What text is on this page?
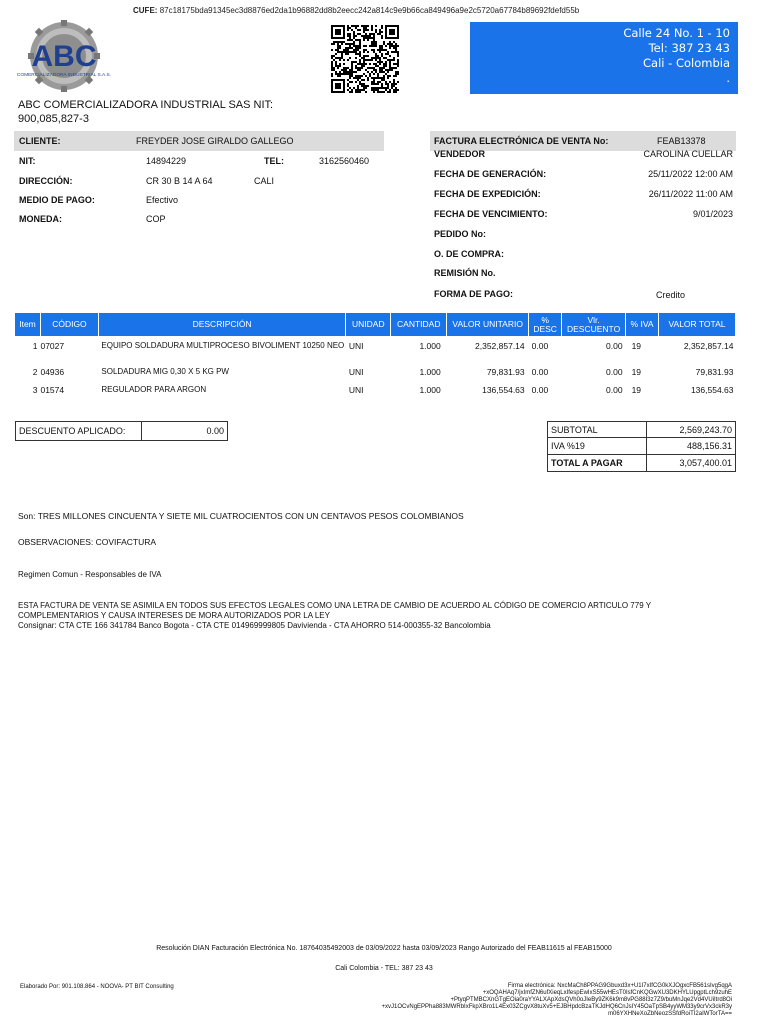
CUFE: 87c18175bda91345ec3d8876ed2da1b96882dd8b2eecc242a814c9e9b66ca849496a9e2c5720a67784b89692fdefd55b
ABC
COMERCIALIZADORA INDUSTRIAL S.A.S.
Calle 24 No. 1 - 10
Tel: 387 23 43
Cali - Colombia
.
ABC COMERCIALIZADORA INDUSTRIAL SAS NIT:
900,085,827-3
CLIENTE:	FREYDER JOSE GIRALDO GALLEGO
NIT:	14894229	TEL:	3162560460
DIRECCIÓN:	CR 30 B 14 A 64	CALI
MEDIO DE PAGO:	Efectivo
MONEDA:	COP
FACTURA ELECTRÓNICA DE VENTA No:	FEAB13378
VENDEDOR	CAROLINA CUELLAR
FECHA DE GENERACIÓN:	25/11/2022 12:00 AM
FECHA DE EXPEDICIÓN:	26/11/2022 11:00 AM
FECHA DE VENCIMIENTO:	9/01/2023
PEDIDO No:
O. DE COMPRA:
REMISIÓN No.
FORMA DE PAGO:	Credito
Item	CÓDIGO	DESCRIPCIÓN	UNIDAD	CANTIDAD	VALOR UNITARIO	% DESC	Vlr. DESCUENTO	% IVA	VALOR TOTAL
1	07027	EQUIPO SOLDADURA MULTIPROCESO BIVOLIMENT 10250 NEO	UNI	1.000	2,352,857.14	0.00	0.00	19	2,352,857.14
2	04936	SOLDADURA MIG 0,30 X 5 KG PW	UNI	1.000	79,831.93	0.00	0.00	19	79,831.93
3	01574	REGULADOR PARA ARGON	UNI	1.000	136,554.63	0.00	0.00	19	136,554.63
DESCUENTO APLICADO:	0.00	SUBTOTAL	2,569,243.70
IVA %19	488,156.31
TOTAL A PAGAR	3,057,400.01
Son: TRES MILLONES CINCUENTA Y SIETE MIL CUATROCIENTOS CON UN CENTAVOS PESOS COLOMBIANOS
OBSERVACIONES: COVIFACTURA
Regimen Comun - Responsables de IVA
ESTA FACTURA DE VENTA SE ASIMILA EN TODOS SUS EFECTOS LEGALES COMO UNA LETRA DE CAMBIO DE ACUERDO AL CÓDIGO DE COMERCIO ARTICULO 779 Y
COMPLEMENTARIOS Y CAUSA INTERESES DE MORA AUTORIZADOS POR LA LEY
Consignar: CTA CTE 166 341784 Banco Bogota - CTA CTE 014969999805 Davivienda - CTA AHORRO 514-000355-32 Bancolombia
Resolución DIAN Facturación Electrónica No. 18764035492003 de 03/09/2022 hasta 03/09/2023 Rango Autorizado del FEAB11615 al FEAB15000
Cali Colombia - TEL: 387 23 43
Elaborado Por: 901.108.864 - NOOVA- PT BIT Consulting	Firma electrónica: NxcMaCh8PPAG9Gbuxd3x+U1I7xIfCG0kXJOgxcFB561sIvg5qgA
+xOQAHAq7/jxImfZN6ufXieqLxIfespEwIxS55wHEsT0IsfCnKQGwXU3DKHYLUpgptLch9zuhE
+PtyqPTMBCXnGTgEOia0raYYALXApXdsQVh0oJIeBy9ZK6k9m8vPG88I3z7Z9/buMnJqe2Vd4VUiItrd8Oi
+xvJ1OCvNgEPPha883MWRbIxFkpXBro1L4Ex03ZCgvX8tuXv5+EJBHpdcBzaTKJdHQ6CnJsIY45OaTpSB4yyWM33y9crVx3ckR3y
m06YXHNeXoZbNeozSSfdRoiTI2aIWTorTA==
